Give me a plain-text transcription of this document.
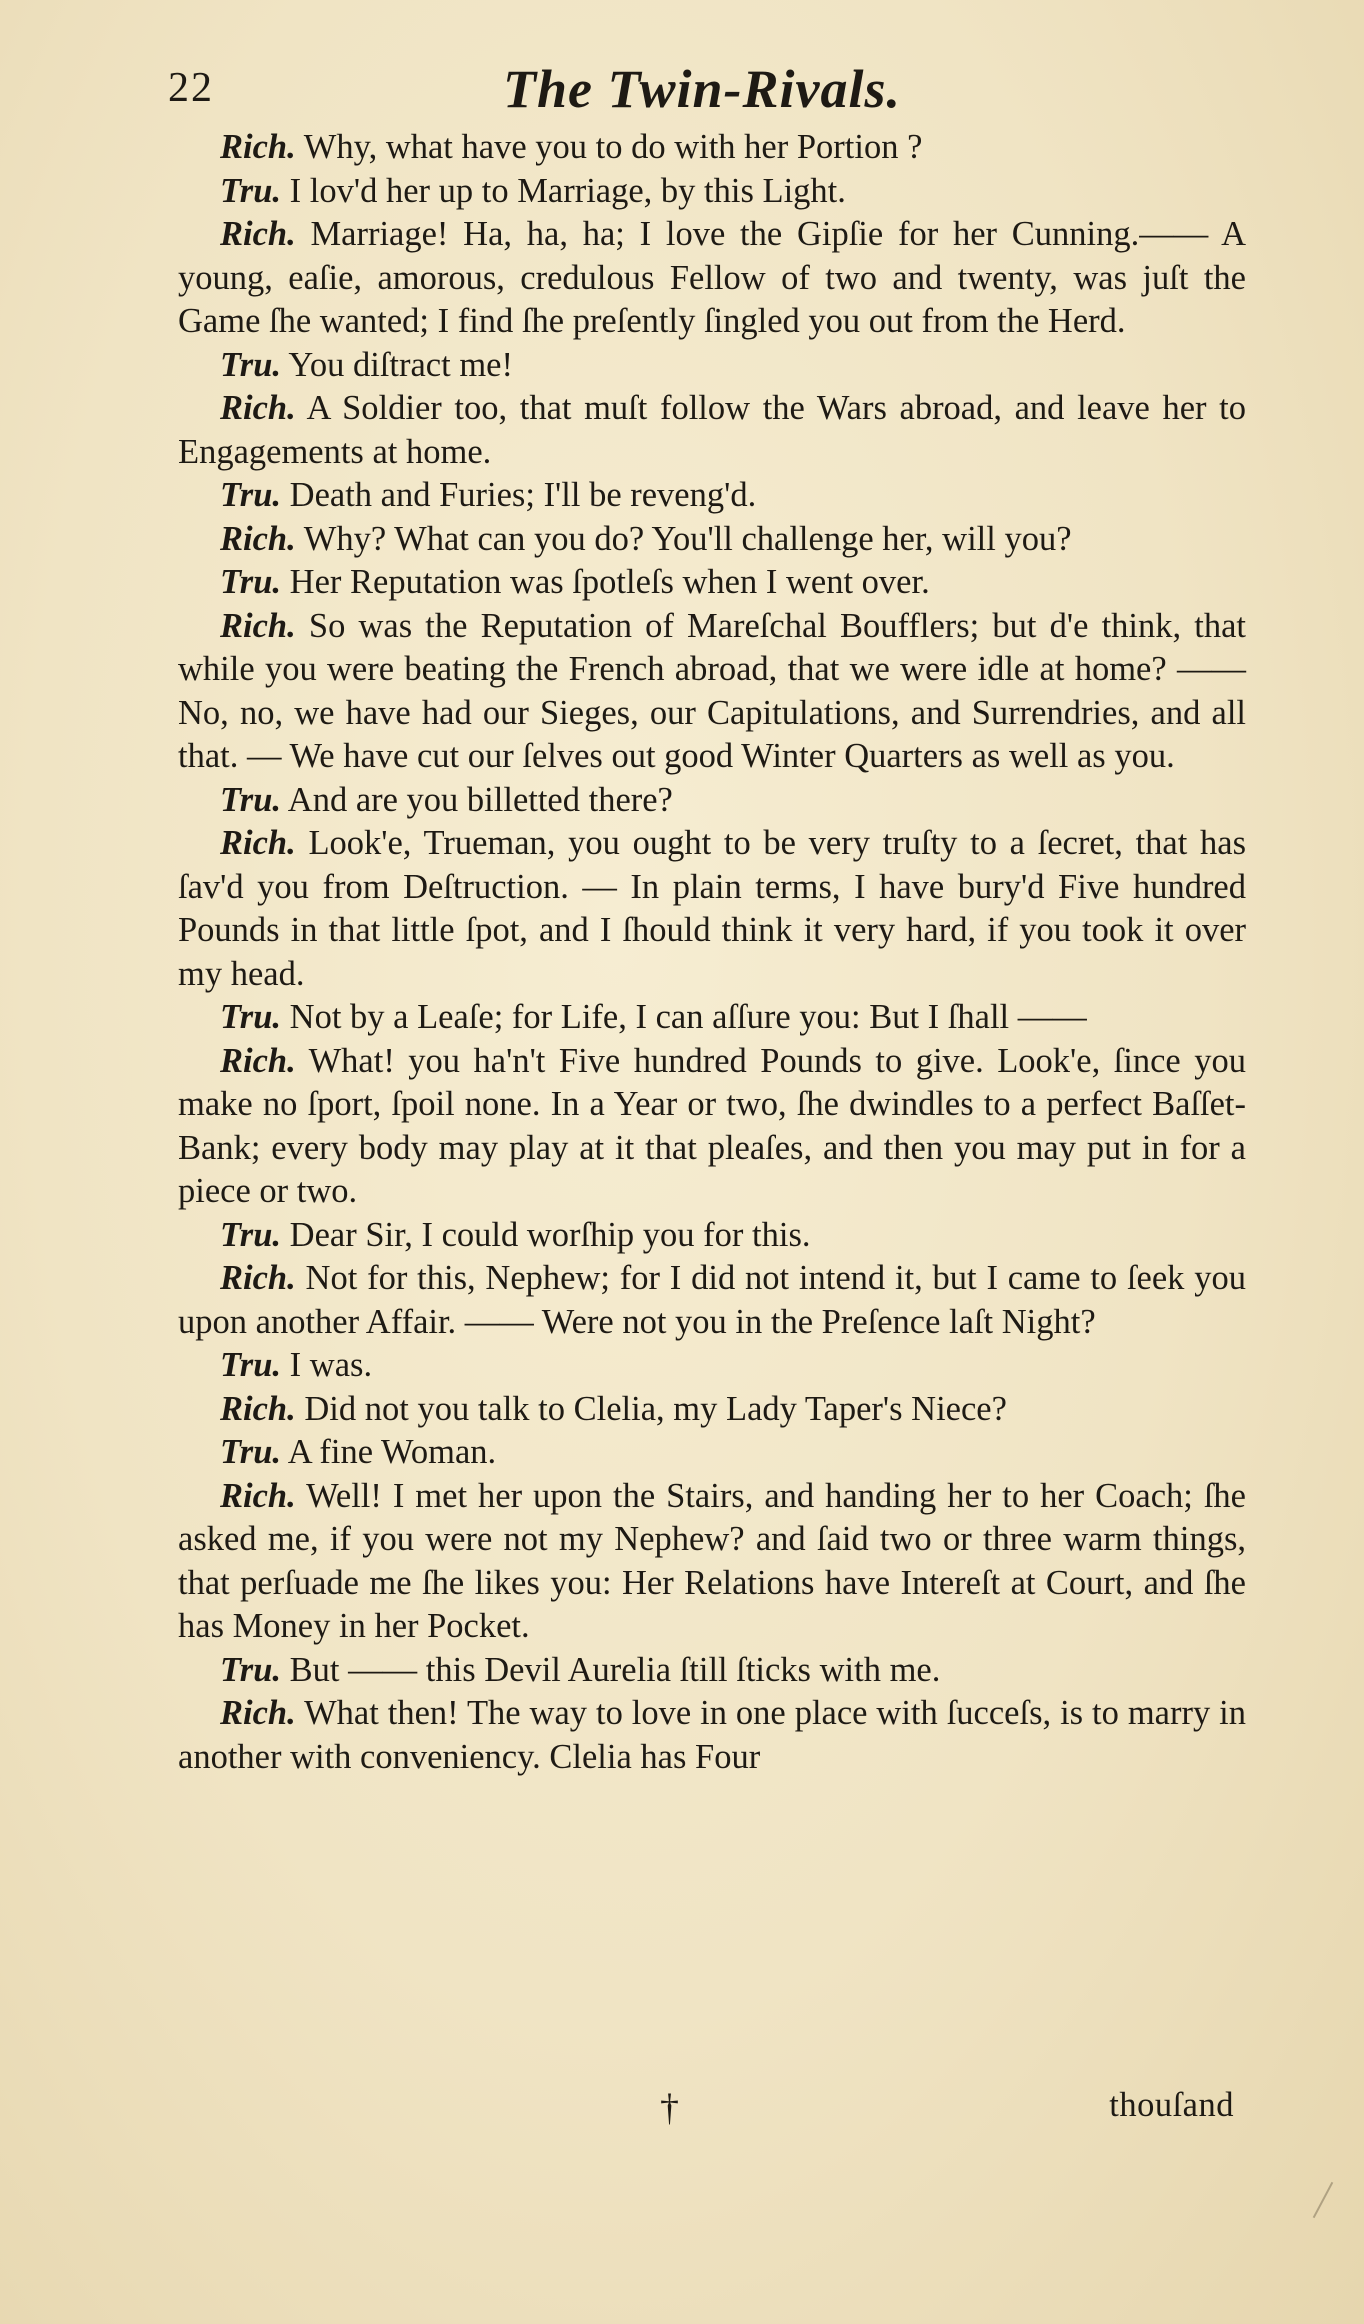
22	The Twin-Rivals.

Rich. Why, what have you to do with her Portion ?

Tru. I lov'd her up to Marriage, by this Light.

Rich. Marriage! Ha, ha, ha; I love the Gipſie for her Cunning.—— A young, eaſie, amorous, credulous Fellow of two and twenty, was juſt the Game ſhe wanted; I find ſhe preſently ſingled you out from the Herd.

Tru. You diſtract me!

Rich. A Soldier too, that muſt follow the Wars abroad, and leave her to Engagements at home.

Tru. Death and Furies; I'll be reveng'd.

Rich. Why? What can you do? You'll challenge her, will you?

Tru. Her Reputation was ſpotleſs when I went over.

Rich. So was the Reputation of Mareſchal Boufflers; but d'e think, that while you were beating the French abroad, that we were idle at home? —— No, no, we have had our Sieges, our Capitulations, and Surrendries, and all that. — We have cut our ſelves out good Winter Quarters as well as you.

Tru. And are you billetted there?

Rich. Look'e, Trueman, you ought to be very truſty to a ſecret, that has ſav'd you from Deſtruction. — In plain terms, I have bury'd Five hundred Pounds in that little ſpot, and I ſhould think it very hard, if you took it over my head.

Tru. Not by a Leaſe; for Life, I can aſſure you: But I ſhall ——

Rich. What! you ha'n't Five hundred Pounds to give. Look'e, ſince you make no ſport, ſpoil none. In a Year or two, ſhe dwindles to a perfect Baſſet-Bank; every body may play at it that pleaſes, and then you may put in for a piece or two.

Tru. Dear Sir, I could worſhip you for this.

Rich. Not for this, Nephew; for I did not intend it, but I came to ſeek you upon another Affair. —— Were not you in the Preſence laſt Night?

Tru. I was.

Rich. Did not you talk to Clelia, my Lady Taper's Niece?

Tru. A fine Woman.

Rich. Well! I met her upon the Stairs, and handing her to her Coach; ſhe asked me, if you were not my Nephew? and ſaid two or three warm things, that perſuade me ſhe likes you: Her Relations have Intereſt at Court, and ſhe has Money in her Pocket.

Tru. But —— this Devil Aurelia ſtill ſticks with me.

Rich. What then! The way to love in one place with ſucceſs, is to marry in another with conveniency. Clelia has Four

†	thouſand
